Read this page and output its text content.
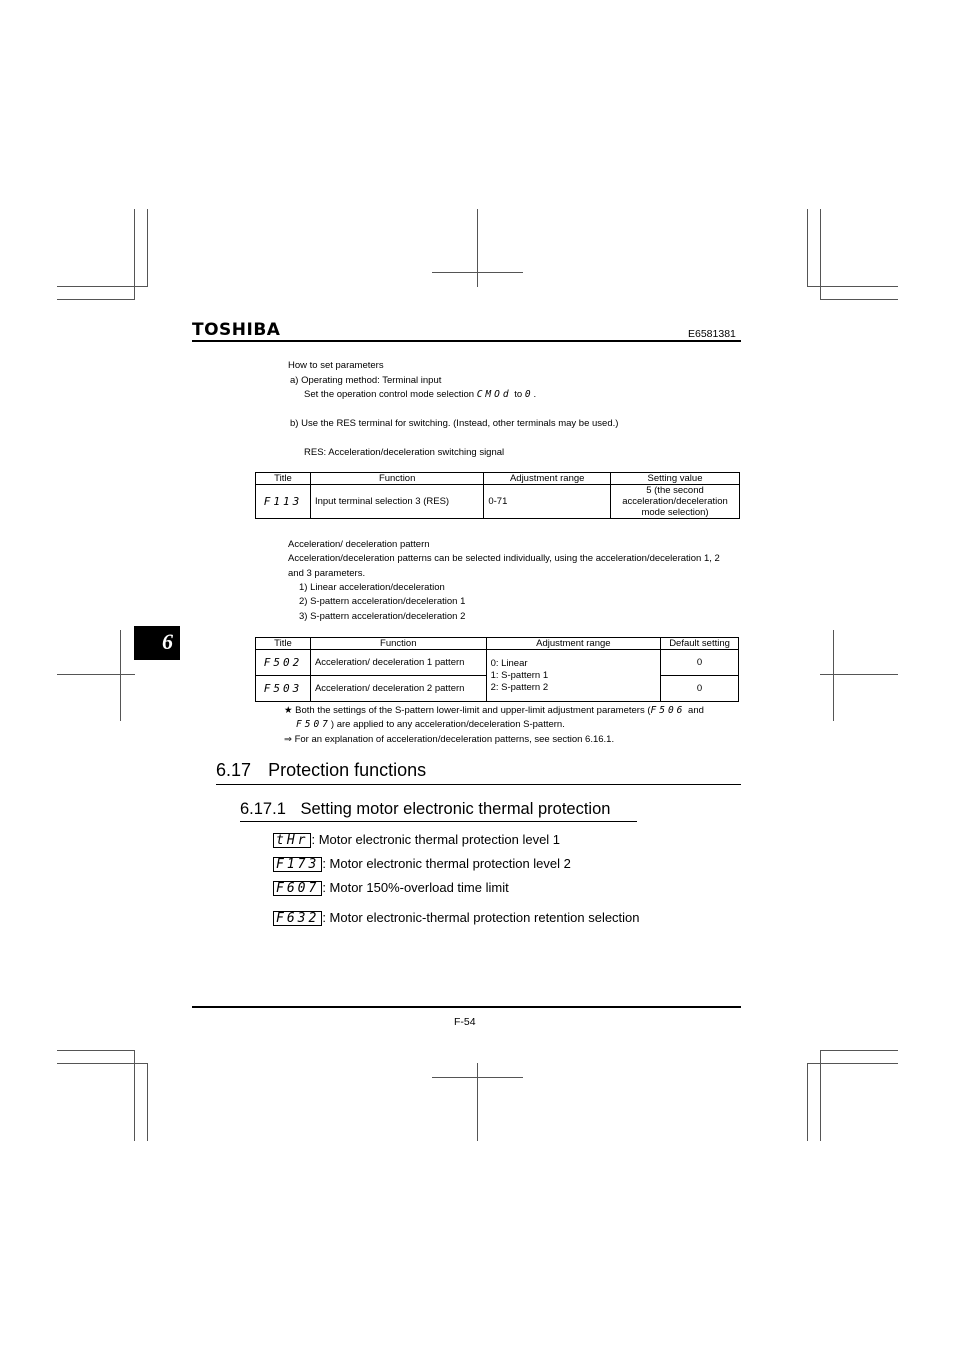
TOSHIBA	E6581381
6
How to set parameters
a) Operating method: Terminal input
Set the operation control mode selection CMOd to 0.
b) Use the RES terminal for switching. (Instead, other terminals may be used.)
RES: Acceleration/deceleration switching signal
Title	Function	Adjustment range	Setting value
F113	Input terminal selection 3 (RES)	0-71	5 (the second
acceleration/deceleration
mode selection)
Acceleration/ deceleration pattern
Acceleration/deceleration patterns can be selected individually, using the acceleration/deceleration 1, 2
and 3 parameters.
1) Linear acceleration/deceleration
2) S-pattern acceleration/deceleration 1
3) S-pattern acceleration/deceleration 2
Title	Function	Adjustment range	Default setting
F502	Acceleration/ deceleration 1 pattern	0: Linear
1: S-pattern 1
2: S-pattern 2	0
F503	Acceleration/ deceleration 2 pattern		0
★ Both the settings of the S-pattern lower-limit and upper-limit adjustment parameters (F506 and
F507) are applied to any acceleration/deceleration S-pattern.
⇒ For an explanation of acceleration/deceleration patterns, see section 6.16.1.
6.17 Protection functions
6.17.1 Setting motor electronic thermal protection
tHr : Motor electronic thermal protection level 1
F173 : Motor electronic thermal protection level 2
F607 : Motor 150%-overload time limit
F632 : Motor electronic-thermal protection retention selection
F-54
